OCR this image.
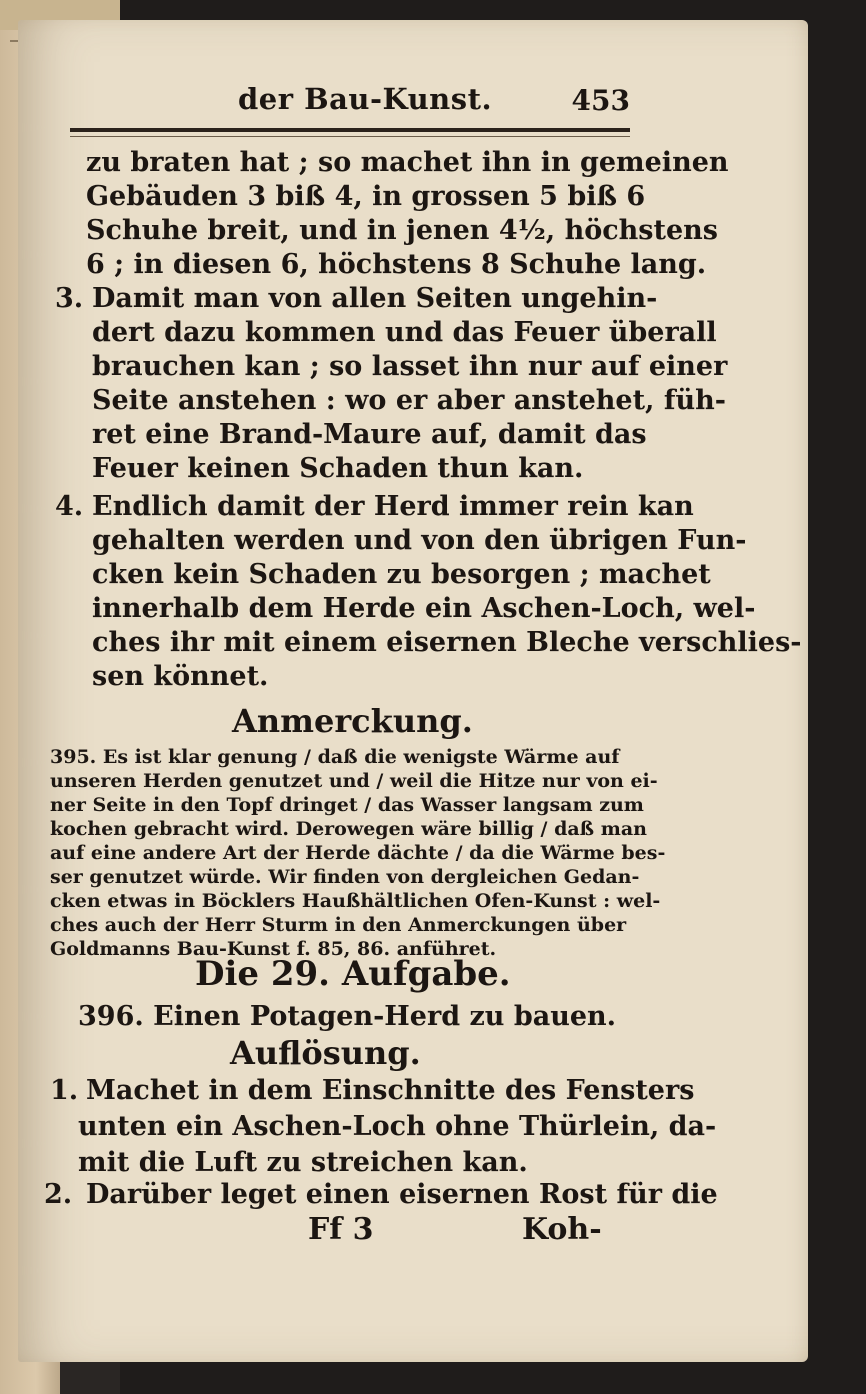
der Bau-Kunst.	453
zu braten hat ; so machet ihn in gemeinen
Gebäuden 3 biß 4, in grossen 5 biß 6
Schuhe breit, und in jenen 4½, höchstens
6 ; in diesen 6, höchstens 8 Schuhe lang.
3. Damit man von allen Seiten ungehin-
dert dazu kommen und das Feuer überall
brauchen kan ; so lasset ihn nur auf einer
Seite anstehen : wo er aber anstehet, füh-
ret eine Brand-Maure auf, damit das
Feuer keinen Schaden thun kan.
4. Endlich damit der Herd immer rein kan
gehalten werden und von den übrigen Fun-
cken kein Schaden zu besorgen ; machet
innerhalb dem Herde ein Aschen-Loch, wel-
ches ihr mit einem eisernen Bleche verschlies-
sen könnet.
Anmerckung.
395. Es ist klar genung / daß die wenigste Wärme auf
unseren Herden genutzet und / weil die Hitze nur von ei-
ner Seite in den Topf dringet / das Wasser langsam zum
kochen gebracht wird. Derowegen wäre billig / daß man
auf eine andere Art der Herde dächte / da die Wärme bes-
ser genutzet würde. Wir finden von dergleichen Gedan-
cken etwas in Böcklers Haußhältlichen Ofen-Kunst : wel-
ches auch der Herr Sturm in den Anmerckungen über
Goldmanns Bau-Kunst f. 85, 86. anführet.
Die 29. Aufgabe.
396. Einen Potagen-Herd zu bauen.
Auflösung.
1. Machet in dem Einschnitte des Fensters
unten ein Aschen-Loch ohne Thürlein, da-
mit die Luft zu streichen kan.
2. Darüber leget einen eisernen Rost für die
Ff 3	Koh-
